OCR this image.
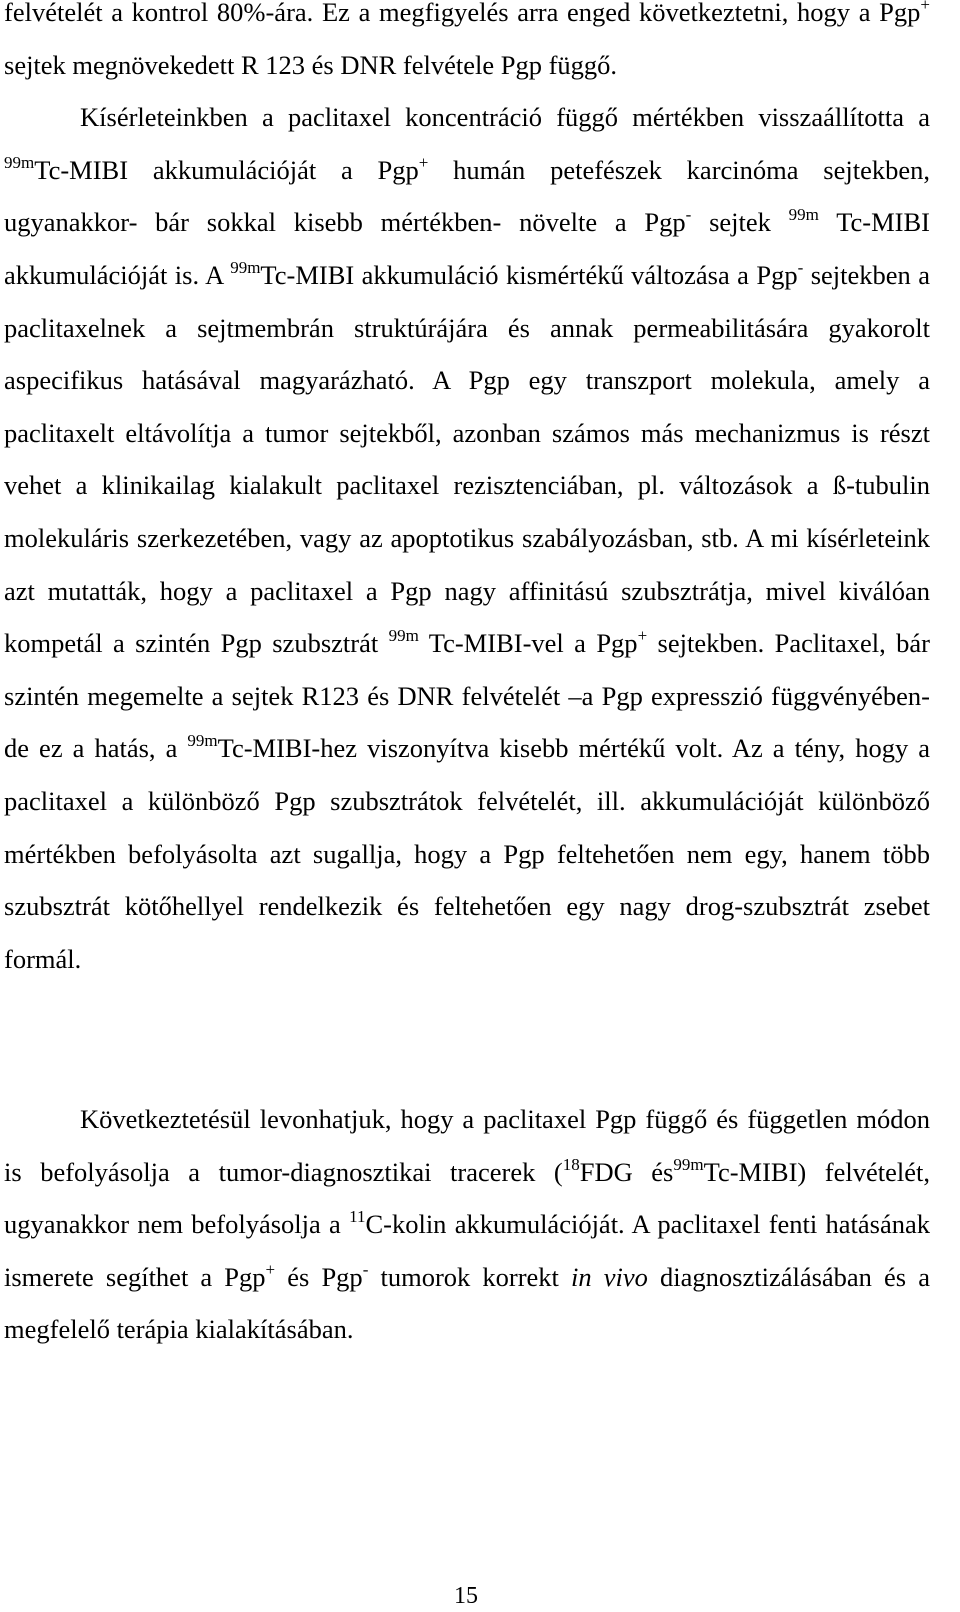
felvételét a kontrol 80%-ára. Ez a megfigyelés arra enged következtetni, hogy a Pgp+ sejtek megnövekedett R 123 és DNR felvétele Pgp függő.

Kísérleteinkben a paclitaxel koncentráció függő mértékben visszaállította a $^{99m}$Tc-MIBI akkumulációját a Pgp+ humán petefészek karcinóma sejtekben, ugyanakkor- bár sokkal kisebb mértékben- növelte a Pgp- sejtek $^{99m}$ Tc-MIBI akkumulációját is. A $^{99m}$Tc-MIBI akkumuláció kismértékű változása a Pgp- sejtekben a paclitaxelnek a sejtmembrán struktúrájára és annak permeabilitására gyakorolt aspecifikus hatásával magyarázható. A Pgp egy transzport molekula, amely a paclitaxelt eltávolítja a tumor sejtekből, azonban számos más mechanizmus is részt vehet a klinikailag kialakult paclitaxel rezisztenciában, pl. változások a ß-tubulin molekuláris szerkezetében, vagy az apoptotikus szabályozásban, stb. A mi kísérleteink azt mutatták, hogy a paclitaxel a Pgp nagy affinitású szubsztrátja, mivel kiválóan kompetál a szintén Pgp szubsztrát $^{99m}$ Tc-MIBI-vel a Pgp+ sejtekben. Paclitaxel, bár szintén megemelte a sejtek R123 és DNR felvételét –a Pgp expresszió függvényében- de ez a hatás, a $^{99m}$Tc-MIBI-hez viszonyítva kisebb mértékű volt. Az a tény, hogy a paclitaxel a különböző Pgp szubsztrátok felvételét, ill. akkumulációját különböző mértékben befolyásolta azt sugallja, hogy a Pgp feltehetően nem egy, hanem több szubsztrát kötőhellyel rendelkezik és feltehetően egy nagy drog-szubsztrát zsebet formál.

Következtetésül levonhatjuk, hogy a paclitaxel Pgp függő és független módon is befolyásolja a tumor-diagnosztikai tracerek ($^{18}$FDG $és^{99m}Tc-MIBI$) felvételét, ugyanakkor nem befolyásolja a $^{11}$C-kolin akkumulációját. A paclitaxel fenti hatásának ismerete segíthet a Pgp+ és Pgp- tumorok korrekt in vivo diagnosztizálásában és a megfelelő terápia kialakításában.

15
